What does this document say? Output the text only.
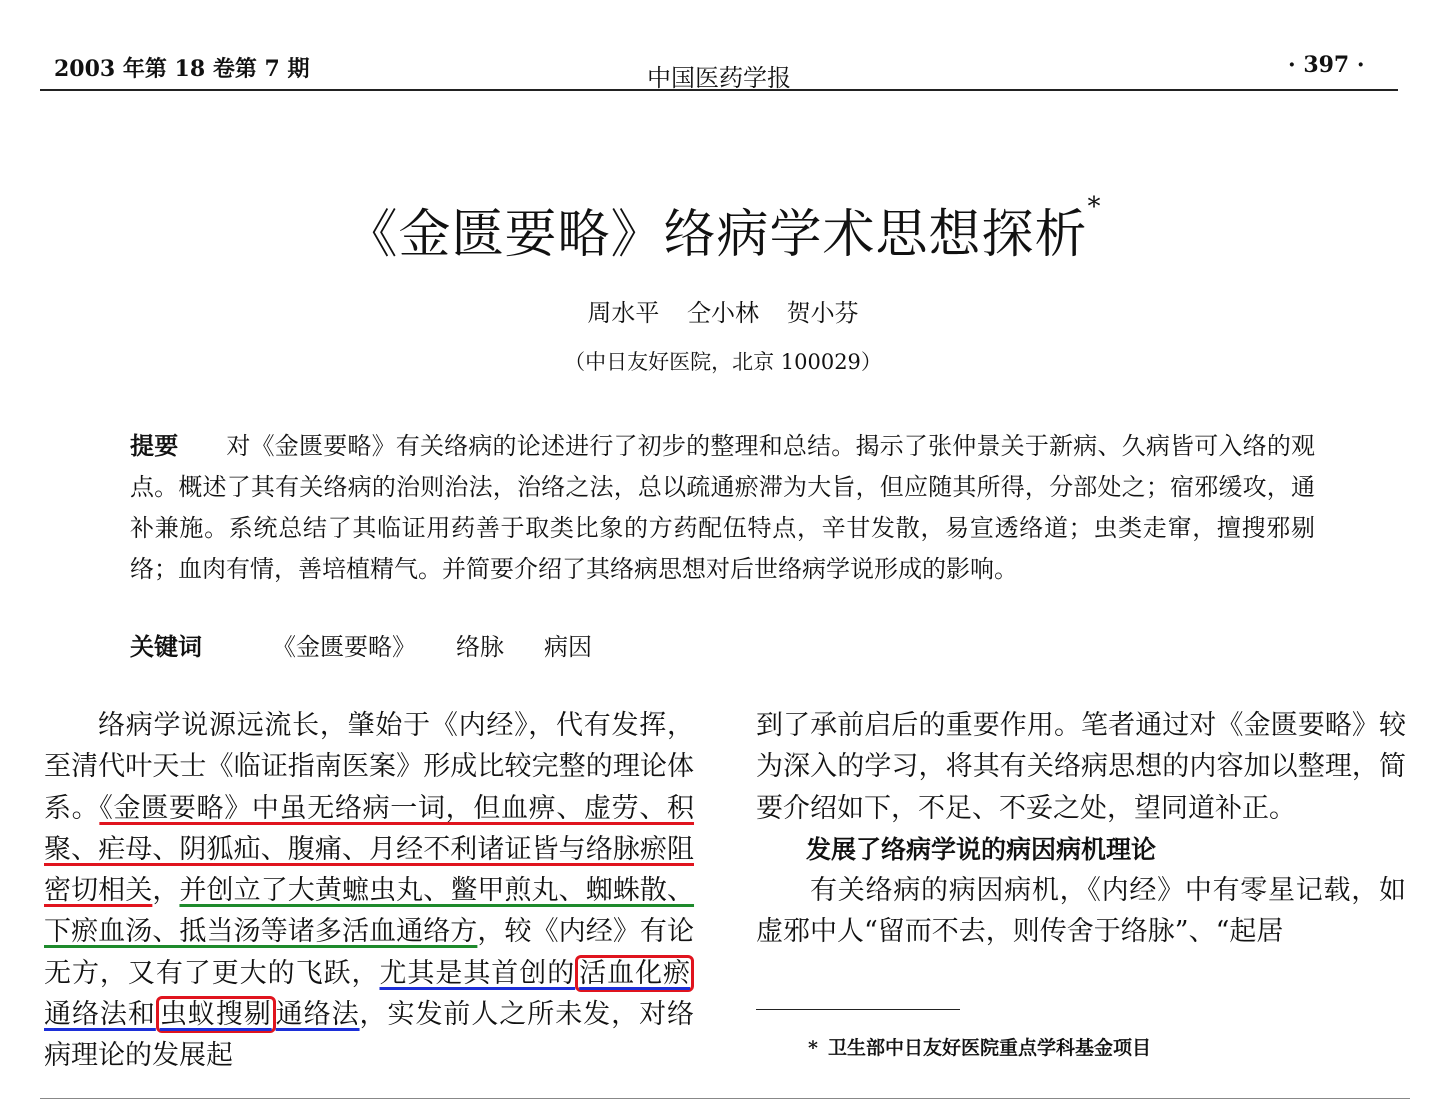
2003 年第 18 卷第 7 期	中国医药学报	· 397 ·
《金匮要略》络病学术思想探析*
周水平 仝小林 贺小芬
（中日友好医院，北京 100029）
提要 对《金匮要略》有关络病的论述进行了初步的整理和总结。揭示了张仲景关于新病、久病皆可入络的观点。概述了其有关络病的治则治法，治络之法，总以疏通瘀滞为大旨，但应随其所得，分部处之；宿邪缓攻，通补兼施。系统总结了其临证用药善于取类比象的方药配伍特点，辛甘发散，易宣透络道；虫类走窜，擅搜邪剔络；血肉有情，善培植精气。并简要介绍了其络病思想对后世络病学说形成的影响。
关键词	《金匮要略》 络脉 病因

络病学说源远流长，肇始于《内经》，代有发挥，至清代叶天士《临证指南医案》形成比较完整的理论体系。《金匮要略》中虽无络病一词，但血痹、虚劳、积聚、疟母、阴狐疝、腹痛、月经不利诸证皆与络脉瘀阻密切相关，并创立了大黄蟅虫丸、鳖甲煎丸、蜘蛛散、下瘀血汤、抵当汤等诸多活血通络方，较《内经》有论无方，又有了更大的飞跃，尤其是其首创的 活血化瘀通络法和 虫蚁搜剔 通络法，实发前人之所未发，对络病理论的发展起

到了承前启后的重要作用。笔者通过对《金匮要略》较为深入的学习，将其有关络病思想的内容加以整理，简要介绍如下，不足、不妥之处，望同道补正。

发展了络病学说的病因病机理论

有关络病的病因病机，《内经》中有零星记载，如虚邪中人“留而不去，则传舍于络脉”、“起居

* 卫生部中日友好医院重点学科基金项目
